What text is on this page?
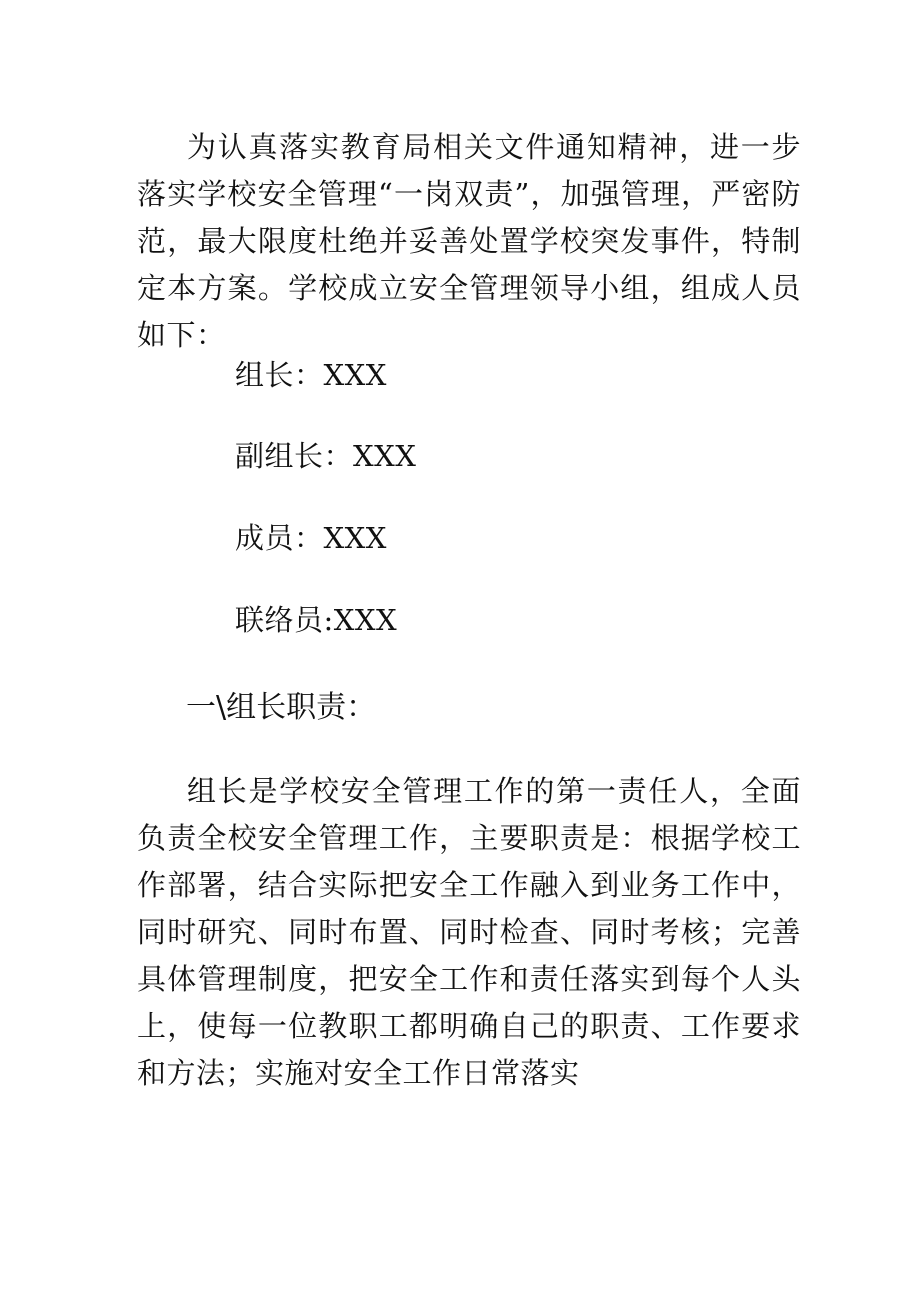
为认真落实教育局相关文件通知精神，进一步落实学校安全管理“一岗双责”，加强管理，严密防范，最大限度杜绝并妥善处置学校突发事件，特制定本方案。学校成立安全管理领导小组，组成人员如下：

组长：XXX

副组长：XXX

成员：XXX

联络员:XXX

一\组长职责：

组长是学校安全管理工作的第一责任人，全面负责全校安全管理工作，主要职责是：根据学校工作部署，结合实际把安全工作融入到业务工作中，同时研究、同时布置、同时检查、同时考核；完善具体管理制度，把安全工作和责任落实到每个人头上，使每一位教职工都明确自己的职责、工作要求和方法；实施对安全工作日常落实
